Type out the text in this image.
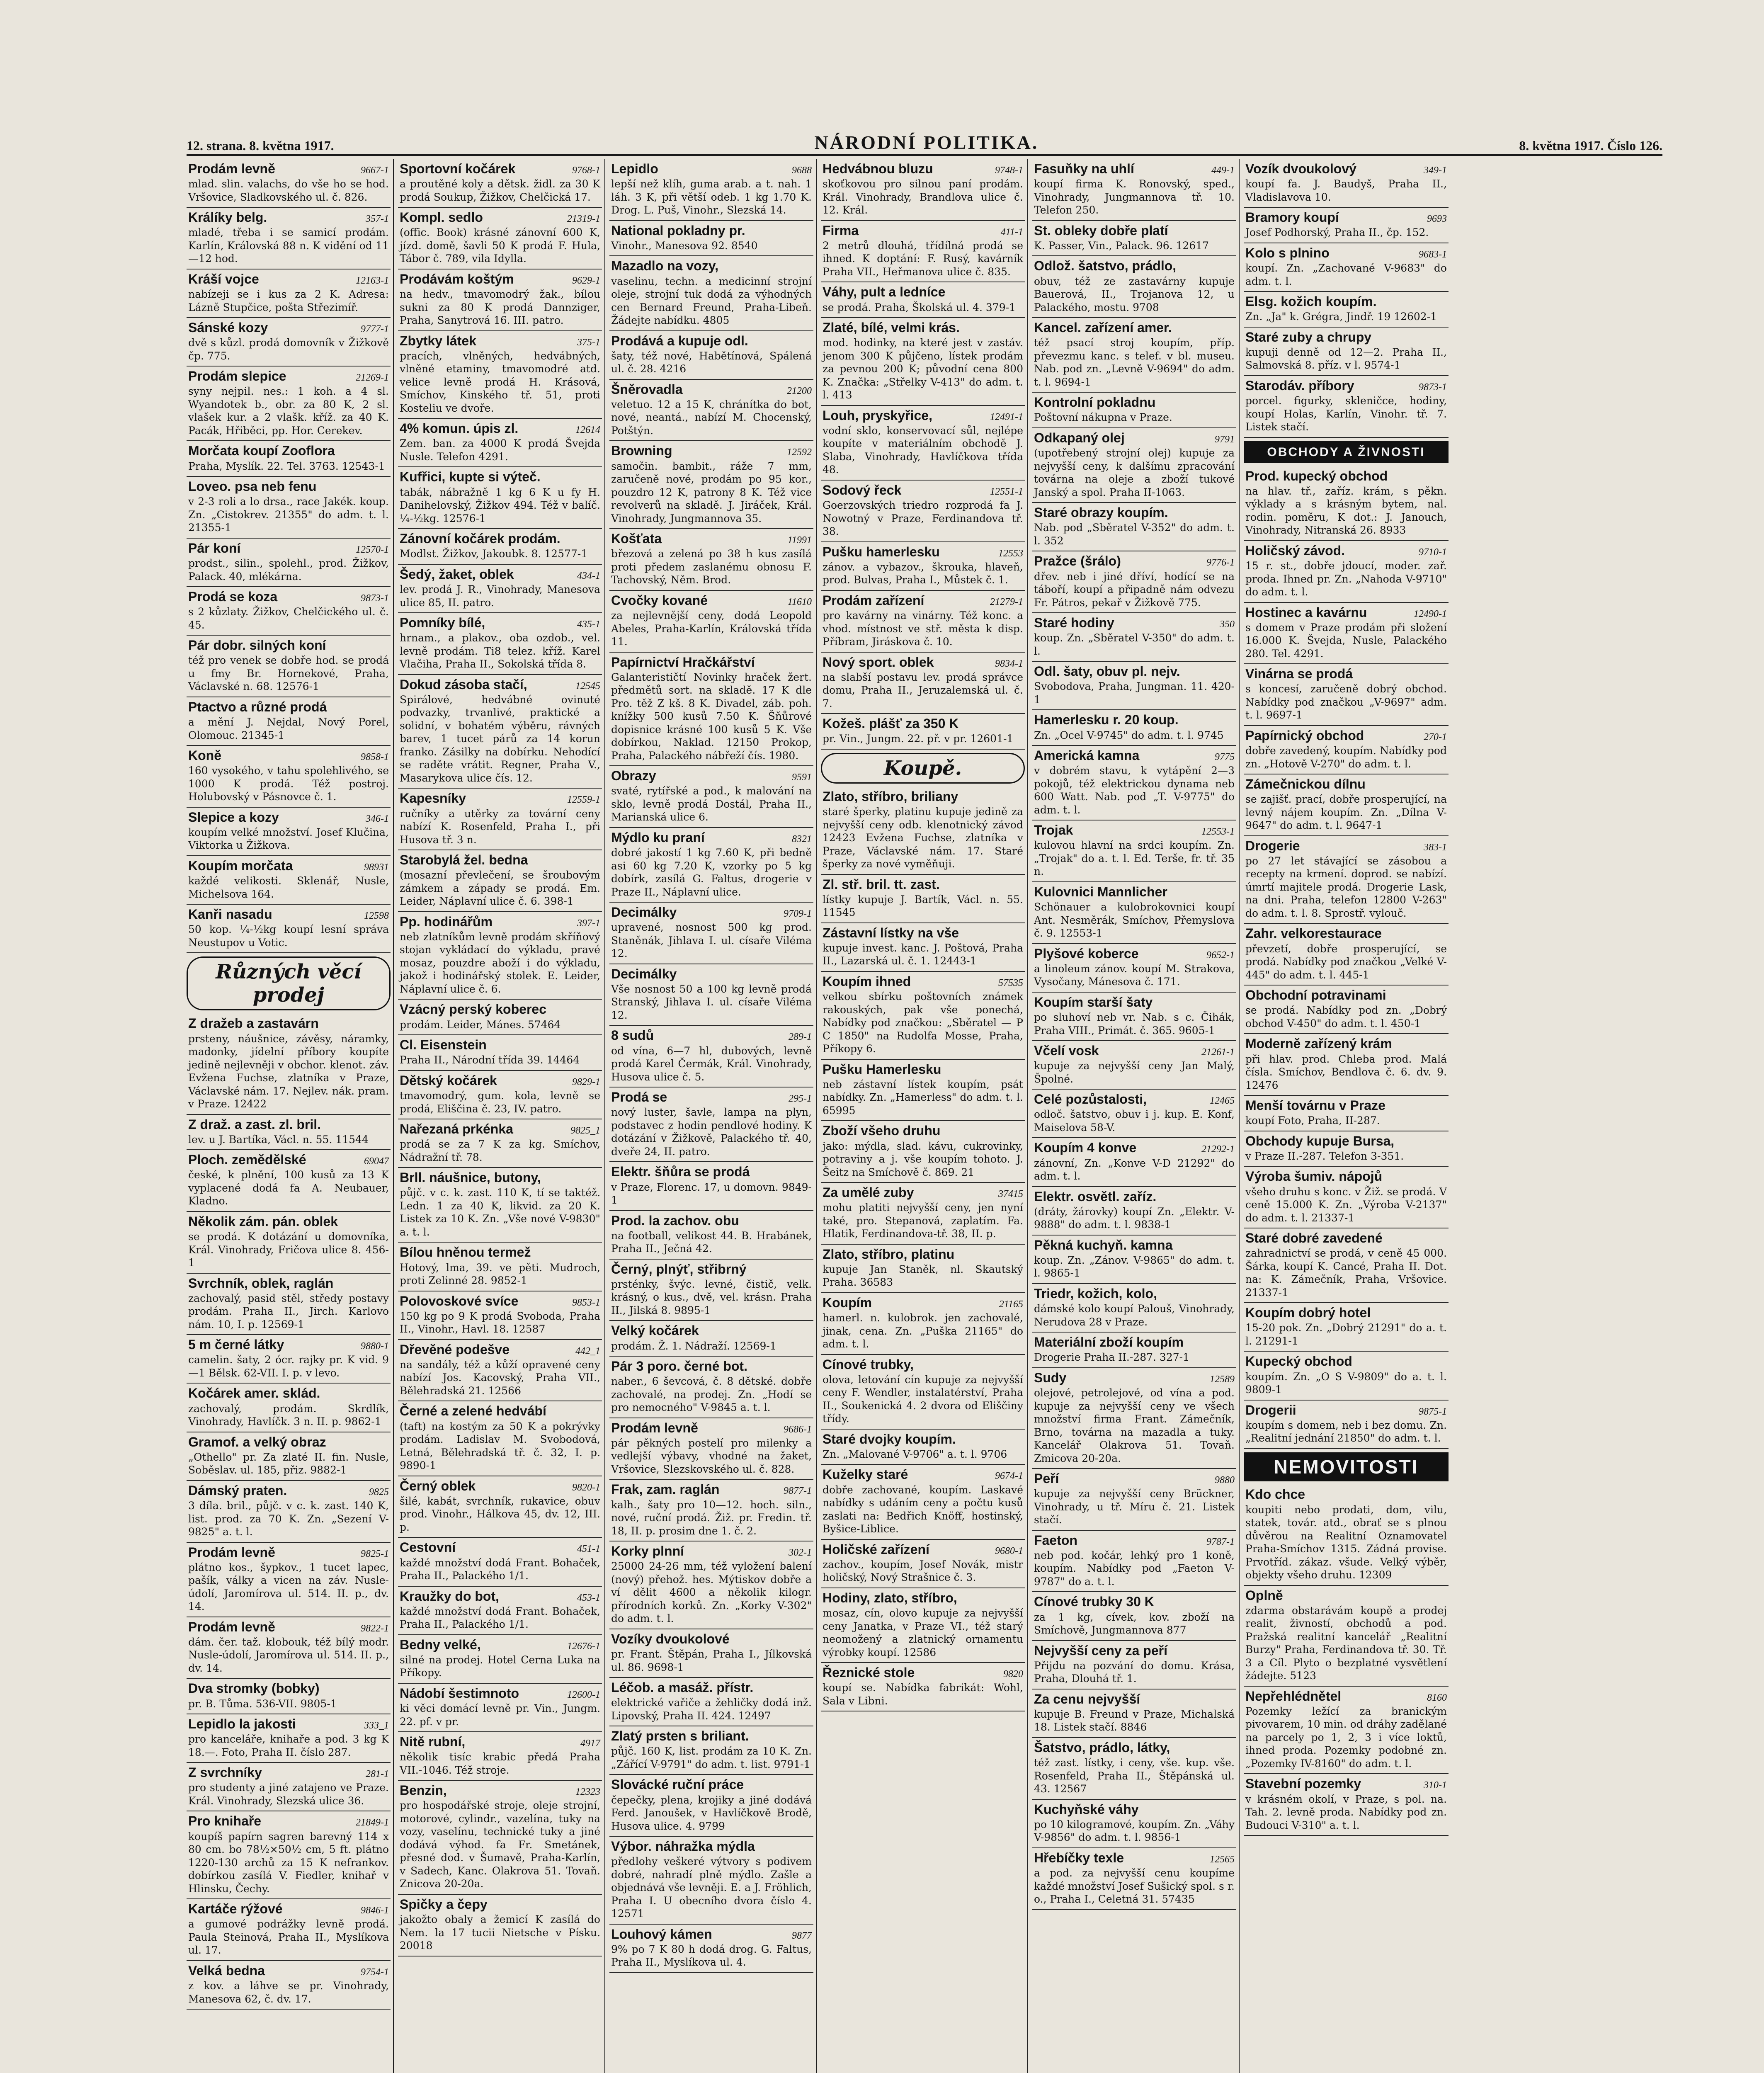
12. strana. 8. května 1917.	NÁRODNÍ POLITIKA.	8. května 1917. Číslo 126.
Prodám levně	9667-1
mlad. slin. valachs, do vše ho se hod. Vršovice, Sladkovského ul. č. 826.
Králíky belg.	357-1
mladé, třeba i se samicí prodám. Karlín, Královská 88 n. K vidění od 11—12 hod.
Kráší vojce	12163-1
nabízeji se i kus za 2 K. Adresa: Lázně Stupčice, pošta Střezimíř.
Sánské kozy	9777-1
dvě s kůzl. prodá domovník v Žižkově čp. 775.
Prodám slepice	21269-1
syny nejpil. nes.: 1 koh. a 4 sl. Wyandotek b., obr. za 80 K, 2 sl. vlašek kur. a 2 vlašk. kříž. za 40 K. Pacák, Hřiběci, pp. Hor. Cerekev.
Morčata koupí Zooflora
Praha, Myslík. 22. Tel. 3763. 12543-1
Loveo. psa neb fenu
v 2-3 roli a lo drsa., race Jakék. koup. Zn. „Cistokrev. 21355" do adm. t. l. 21355-1
Pár koní	12570-1
prodst., silin., spolehl., prod. Žižkov, Palack. 40, mlékárna.
Prodá se koza	9873-1
s 2 kůzlaty. Žižkov, Chelčického ul. č. 45.
Pár dobr. silných koní
též pro venek se dobře hod. se prodá u fmy Br. Hornekové, Praha, Václavské n. 68. 12576-1
Ptactvo a různé prodá
a mění J. Nejdal, Nový Porel, Olomouc. 21345-1
Koně	9858-1
160 vysokého, v tahu spolehlivého, se 1000 K prodá. Též postroj. Holubovský v Pásnovce č. 1.
Slepice a kozy	346-1
koupím velké množství. Josef Klučina, Viktorka u Žižkova.
Koupím morčata	98931
každé velikosti. Sklenář, Nusle, Michelsova 164.
Kanři nasadu	12598
50 kop. ¼-½kg koupí lesní správa Neustupov u Votic.
Různých věcí prodej
Z dražeb a zastavárn
prsteny, náušnice, závěsy, náramky, madonky, jídelní příbory koupíte jedině nejlevněji v obchor. klenot. záv. Evžena Fuchse, zlatníka v Praze, Václavské nám. 17. Nejlev. nák. pram. v Praze. 12422
Z draž. a zast. zl. bril.
lev. u J. Bartíka, Václ. n. 55. 11544
Ploch. zemědělské	69047
české, k plnění, 100 kusů za 13 K vyplacené dodá fa A. Neubauer, Kladno.
Několik zám. pán. oblek
se prodá. K dotázání u domovníka, Král. Vinohrady, Fričova ulice 8. 456-1
Svrchník, oblek, raglán
zachovalý, pasid stěl, středy postavy prodám. Praha II., Jirch. Karlovo nám. 10, I. p. 12569-1
5 m černé látky	9880-1
camelin. šaty, 2 ócr. rajky pr. K vid. 9—1 Bělsk. 62-VII. I. p. v levo.
Kočárek amer. sklád.
zachovalý, prodám. Skrdlík, Vinohrady, Havlíčk. 3 n. II. p. 9862-1
Gramof. a velký obraz
„Othello" pr. Za zlaté II. fin. Nusle, Soběslav. ul. 185, přiz. 9882-1
Dámský praten.	9825
3 díla. bril., půjč. v c. k. zast. 140 K, list. prod. za 70 K. Zn. „Sezení V-9825" a. t. l.
Prodám levně	9825-1
plátno kos., šypkov., 1 tucet lapec, pašík, války a vicen na záv. Nusle-údolí, Jaromírova ul. 514. II. p., dv. 14.
Prodám levně	9822-1
dám. čer. taž. klobouk, též bílý modr. Nusle-údolí, Jaromírova ul. 514. II. p., dv. 14.
Dva stromky (bobky)
pr. B. Tůma. 536-VII. 9805-1
Lepidlo la jakosti	333_1
pro kanceláře, knihaře a pod. 3 kg K 18.—. Foto, Praha II. číslo 287.
Z svrchníky	281-1
pro studenty a jiné zatajeno ve Praze. Král. Vinohrady, Slezská ulice 36.
Pro knihaře	21849-1
koupíš papírn sagren barevný 114 x 80 cm. bo 78½×50½ cm, 5 ft. plátno 1220-130 archů za 15 K nefrankov. dobírkou zasílá V. Fiedler, knihař v Hlinsku, Čechy.
Kartáče rýžové	9846-1
a gumové podrážky levně prodá. Paula Steinová, Praha II., Myslíkova ul. 17.
Velká bedna	9754-1
z kov. a láhve se pr. Vinohrady, Manesova 62, č. dv. 17.
Sportovní kočárek	9768-1
a proutěné koly a dětsk. židl. za 30 K prodá Soukup, Žižkov, Chelčická 17.
Kompl. sedlo	21319-1
(offic. Book) krásné zánovní 600 K, jízd. domě, šavli 50 K prodá F. Hula, Tábor č. 789, vila Idylla.
Prodávám koštým	9629-1
na hedv., tmavomodrý žak., bílou sukni za 80 K prodá Dannziger, Praha, Sanytrová 16. III. patro.
Zbytky látek	375-1
pracích, vlněných, hedvábných, vlněné etaminy, tmavomodré atd. velice levně prodá H. Krásová, Smíchov, Kinského tř. 51, proti Kosteliu ve dvoře.
4% komun. úpis zl.	12614
Zem. ban. za 4000 K prodá Švejda Nusle. Telefon 4291.
Kufřici, kupte si výteč.
tabák, nábražně 1 kg 6 K u fy H. Danihelovský, Žižkov 494. Též v balíč. ¼-½kg. 12576-1
Zánovní kočárek prodám.
Modlst. Žižkov, Jakoubk. 8. 12577-1
Šedý, žaket, oblek	434-1
lev. prodá J. R., Vinohrady, Manesova ulice 85, II. patro.
Pomníky bílé,	435-1
hrnam., a plakov., oba ozdob., vel. levně prodám. Ti8 telez. kříž. Karel Vlačiha, Praha II., Sokolská třída 8.
Dokud zásoba stačí,	12545
Spirálové, hedvábné ovinuté podvazky, trvanlivé, praktické a solidní, v bohatém výběru, rávných barev, 1 tucet párů za 14 korun franko. Zásilky na dobírku. Nehodící se raděte vrátit. Regner, Praha V., Masarykova ulice čís. 12.
Kapesníky	12559-1
ručníky a utěrky za tovární ceny nabízí K. Rosenfeld, Praha I., při Husova tř. 3 n.
Starobylá žel. bedna
(mosazní převlečení, se šroubovým zámkem a západy se prodá. Em. Leider, Náplavní ulice č. 6. 398-1
Pp. hodinářům	397-1
neb zlatníkům levně prodám skříňový stojan vykládací do výkladu, pravé mosaz, pouzdre aboží i do výkladu, jakož i hodinářský stolek. E. Leider, Náplavní ulice č. 6.
Vzácný perský koberec
prodám. Leider, Mánes. 57464
Cl. Eisenstein
Praha II., Národní třída 39. 14464
Dětský kočárek	9829-1
tmavomodrý, gum. kola, levně se prodá, Eliščina č. 23, IV. patro.
Nařezaná prkénka	9825_1
prodá se za 7 K za kg. Smíchov, Nádražní tř. 78.
Brll. náušnice, butony,
půjč. v c. k. zast. 110 K, tí se taktéž. Ledn. 1 za 40 K, likvid. za 20 K. Listek za 10 K. Zn. „Vše nové V-9830" a. t. l.
Bílou hněnou termež
Hotový, lma, 39. ve pěti. Mudroch, proti Zelinné 28. 9852-1
Polovoskové svíce	9853-1
150 kg po 9 K prodá Svoboda, Praha II., Vinohr., Havl. 18. 12587
Dřevěné podešve	442_1
na sandály, též a kůží opravené ceny nabízí Jos. Kacovský, Praha VII., Bělehradská 21. 12566
Černé a zelené hedvábí
(taft) na kostým za 50 K a pokrývky prodám. Ladislav M. Svobodová, Letná, Bělehradská tř. č. 32, I. p. 9890-1
Černý oblek	9820-1
šilé, kabát, svrchník, rukavice, obuv prod. Vinohr., Hálkova 45, dv. 12, III. p.
Cestovní	451-1
každé množství dodá Frant. Bohaček, Praha II., Palackého 1/1.
Kraužky do bot,	453-1
každé množství dodá Frant. Bohaček, Praha II., Palackého 1/1.
Bedny velké,	12676-1
silné na prodej. Hotel Cerna Luka na Příkopy.
Nádobí šestimnoto	12600-1
ki věci domácí levně pr. Vin., Jungm. 22. pf. v pr.
Nitě rubní,	4917
několik tisíc krabic předá Praha VII.-1046. Též stroje.
Benzin,	12323
pro hospodářské stroje, oleje strojní, motorové, cylindr., vazelína, tuky na vozy, vaselínu, technické tuky a jiné dodává výhod. fa Fr. Smetánek, přesné dod. v Šumavě, Praha-Karlín, v Sadech, Kanc. Olakrova 51. Tovaň. Znicova 20-20a.
Spičky a čepy
jakožto obaly a žemicí K zasílá do Nem. la 17 tucii Nietsche v Písku. 20018
Lepidlo	9688
lepší než klíh, guma arab. a t. nah. 1 láh. 3 K, při větší odeb. 1 kg 1.70 K. Drog. L. Puš, Vinohr., Slezská 14.
National pokladny pr.
Vinohr., Manesova 92. 8540
Mazadlo na vozy,
vaselinu, techn. a medicinní strojní oleje, strojní tuk dodá za výhodných cen Bernard Freund, Praha-Libeň. Žádejte nabídku. 4805
Prodává a kupuje odl.
šaty, též nové, Habětínová, Spálená ul. č. 28. 4216
Šněrovadla	21200
veletuo. 12 a 15 K, chránítka do bot, nové, neantá., nabízí M. Chocenský, Potštýn.
Browning	12592
samočin. bambit., ráže 7 mm, zaručeně nové, prodám po 95 kor., pouzdro 12 K, patrony 8 K. Též vice revolverů na skladě. J. Jiráček, Král. Vinohrady, Jungmannova 35.
Košťata	11991
březová a zelená po 38 h kus zasílá proti předem zaslanému obnosu F. Tachovský, Něm. Brod.
Cvočky kované	11610
za nejlevnější ceny, dodá Leopold Abeles, Praha-Karlín, Královská třída 11.
Papírnictví Hračkářství
Galanterističtí Novinky hraček žert. předmětů sort. na skladě. 17 K dle Pro. těž Z kš. 8 K. Divadel, záb. poh. knížky 500 kusů 7.50 K. Šňůrové dopisnice krásné 100 kusů 5 K. Vše dobírkou, Naklad. 12150 Prokop, Praha, Palackého nábřeží čís. 1980.
Obrazy	9591
svaté, rytířské a pod., k malování na sklo, levně prodá Dostál, Praha II., Marianská ulice 6.
Mýdlo ku praní	8321
dobré jakostí 1 kg 7.60 K, při bedně asi 60 kg 7.20 K, vzorky po 5 kg dobírk, zasílá G. Faltus, drogerie v Praze II., Náplavní ulice.
Decimálky	9709-1
upravené, nosnost 500 kg prod. Staněnák, Jihlava I. ul. císaře Viléma 12.
Decimálky
Vše nosnost 50 a 100 kg levně prodá Stranský, Jihlava I. ul. císaře Viléma 12.
8 sudů	289-1
od vína, 6—7 hl, dubových, levně prodá Karel Čermák, Král. Vinohrady, Husova ulice č. 5.
Prodá se	295-1
nový luster, šavle, lampa na plyn, podstavec z hodin pendlové hodiny. K dotázání v Žižkově, Palackého tř. 40, dveře 24, II. patro.
Elektr. šňůra se prodá
v Praze, Florenc. 17, u domovn. 9849-1
Prod. la zachov. obu
na football, velikost 44. B. Hrabánek, Praha II., Ječná 42.
Černý, plnýť, střibrný
prsténky, švýc. levné, čistič, velk. krásný, o kus., dvě, vel. krásn. Praha II., Jilská 8. 9895-1
Velký kočárek
prodám. Ž. 1. Nádraží. 12569-1
Pár 3 poro. černé bot.
naber., 6 ševcová, č. 8 dětské. dobře zachovalé, na prodej. Zn. „Hodí se pro nemocného" V-9845 a. t. l.
Prodám levně	9686-1
pár pěkných postelí pro milenky a vedlejší výbavy, vhodné na žaket, Vršovice, Slezskovského ul. č. 828.
Frak, zam. raglán	9877-1
kalh., šaty pro 10—12. hoch. siln., nové, ruční prodá. Žiž. pr. Fredin. tř. 18, II. p. prosim dne 1. č. 2.
Korky plnní	302-1
25000 24-26 mm, též vyložení balení (nový) přehož. hes. Mýtiskov dobře a ví dělit 4600 a několik kilogr. přírodních korků. Zn. „Korky V-302" do adm. t. l.
Vozíky dvoukolové
pr. Frant. Štěpán, Praha I., Jílkovská ul. 86. 9698-1
Léčob. a masáž. přístr.
elektrické vařiče a žehličky dodá inž. Lipovský, Praha II. 424. 12497
Zlatý prsten s briliant.
půjč. 160 K, list. prodám za 10 K. Zn. „Zářící V-9791" do adm. t. list. 9791-1
Slovácké ruční práce
čepečky, plena, krojiky a jiné dodává Ferd. Janoušek, v Havlíčkově Brodě, Husova ulice. 4. 9799
Výbor. náhražka mýdla
předlohy veškeré výtvory s podivem dobré, nahradí plně mýdlo. Zašle a objednává vše levněji. E. a J. Fröhlich, Praha I. U obecního dvora číslo 4. 12571
Louhový kámen	9877
9% po 7 K 80 h dodá drog. G. Faltus, Praha II., Myslíkova ul. 4.
Hedvábnou bluzu	9748-1
skoťkovou pro silnou paní prodám. Král. Vinohrady, Brandlova ulice č. 12. Král.
Firma	411-1
2 metrů dlouhá, třídílná prodá se ihned. K doptání: F. Rusý, kavárník Praha VII., Heřmanova ulice č. 835.
Váhy, pult a ledníce
se prodá. Praha, Školská ul. 4. 379-1
Zlaté, bílé, velmi krás.
mod. hodinky, na které jest v zastáv. jenom 300 K půjčeno, lístek prodám za pevnou 200 K; původní cena 800 K. Značka: „Střelky V-413" do adm. t. l. 413
Louh, pryskyřice,	12491-1
vodní sklo, konservovací sůl, nejlépe koupíte v materiálním obchodě J. Slaba, Vinohrady, Havlíčkova třída 48.
Sodový řeck	12551-1
Goerzovských triedro rozprodá fa J. Nowotný v Praze, Ferdinandova tř. 38.
Pušku hamerlesku	12553
zánov. a vybazov., škrouka, hlaveň, prod. Bulvas, Praha I., Můstek č. 1.
Prodám zařízení	21279-1
pro kavárny na vinárny. Též konc. a vhod. místnost ve stř. města k disp. Příbram, Jiráskova č. 10.
Nový sport. oblek	9834-1
na slabší postavu lev. prodá správce domu, Praha II., Jeruzalemská ul. č. 7.
Kožeš. plášť za 350 K
pr. Vin., Jungm. 22. př. v pr. 12601-1
Koupě.
Zlato, stříbro, briliany
staré šperky, platinu kupuje jedině za nejvyšší ceny odb. klenotnický závod 12423 Evžena Fuchse, zlatníka v Praze, Václavské nám. 17. Staré šperky za nové vyměňuji.
Zl. stř. bril. tt. zast.
lístky kupuje J. Bartík, Václ. n. 55. 11545
Zástavní lístky na vše
kupuje invest. kanc. J. Poštová, Praha II., Lazarská ul. č. 1. 12443-1
Koupím ihned	57535
velkou sbírku poštovních známek rakouských, pak vše ponechá, Nabídky pod značkou: „Sběratel — P C 1850" na Rudolfa Mosse, Praha, Příkopy 6.
Pušku Hamerlesku
neb zástavní lístek koupím, psát nabídky. Zn. „Hamerless" do adm. t. l. 65995
Zboží všeho druhu
jako: mýdla, slad. kávu, cukrovinky, potraviny a j. vše koupím tohoto. J. Šeitz na Smíchově č. 869. 21
Za umělé zuby	37415
mohu platiti nejvyšší ceny, jen nyní také, pro. Stepanová, zaplatím. Fa. Hlatik, Ferdinandova-tř. 38, II. p.
Zlato, stříbro, platinu
kupuje Jan Staněk, nl. Skautský Praha. 36583
Koupím	21165
hamerl. n. kulobrok. jen zachovalé, jinak, cena. Zn. „Puška 21165" do adm. t. l.
Cínové trubky,
olova, letování cín kupuje za nejvyšší ceny F. Wendler, instalatérství, Praha II., Soukenická 4. 2 dvora od Eliščiny třídy.
Staré dvojky koupím.
Zn. „Malované V-9706" a. t. l. 9706
Kuželky staré	9674-1
dobře zachované, koupím. Laskavé nabídky s udáním ceny a počtu kusů zaslati na: Bedřich Knöff, hostinský, Byšice-Liblice.
Holičské zařízení	9680-1
zachov., koupím, Josef Novák, mistr holičský, Nový Strašnice č. 3.
Hodiny, zlato, stříbro,
mosaz, cín, olovo kupuje za nejvyšší ceny Janatka, v Praze VI., též starý neomožený a zlatnický ornamentu výrobky koupí. 12586
Řeznické stole	9820
koupí se. Nabídka fabrikát: Wohl, Sala v Libni.
Fasuňky na uhlí	449-1
koupí firma K. Ronovský, sped., Vinohrady, Jungmannova tř. 10. Telefon 250.
St. obleky dobře platí
K. Passer, Vin., Palack. 96. 12617
Odlož. šatstvo, prádlo,
obuv, též ze zastavárny kupuje Bauerová, II., Trojanova 12, u Palackého, mostu. 9708
Kancel. zařízení amer.
též psací stroj koupím, příp. převezmu kanc. s telef. v bl. museu. Nab. pod zn. „Levně V-9694" do adm. t. l. 9694-1
Kontrolní pokladnu
Poštovní nákupna v Praze.
Odkapaný olej	9791
(upotřebený strojní olej) kupuje za nejvyšší ceny, k dalšímu zpracování továrna na oleje a zboží tukové Janský a spol. Praha II-1063.
Staré obrazy koupím.
Nab. pod „Sběratel V-352" do adm. t. l. 352
Pražce (šrálo)	9776-1
dřev. neb i jiné dříví, hodící se na táboří, koupí a připadně nám odvezu Fr. Pátros, pekař v Žižkově 775.
Staré hodiny	350
koup. Zn. „Sběratel V-350" do adm. t. l.
Odl. šaty, obuv pl. nejv.
Svobodova, Praha, Jungman. 11. 420-1
Hamerlesku r. 20 koup.
Zn. „Ocel V-9745" do adm. t. l. 9745
Americká kamna	9775
v dobrém stavu, k vytápění 2—3 pokojů, též elektrickou dynama neb 600 Watt. Nab. pod „T. V-9775" do adm. t. l.
Trojak	12553-1
kulovou hlavní na srdci koupím. Zn. „Trojak" do a. t. l. Ed. Terše, fr. tř. 35 n.
Kulovnici Mannlicher
Schönauer a kulobrokovnici koupí Ant. Nesměrák, Smíchov, Přemyslova č. 9. 12553-1
Plyšové koberce	9652-1
a linoleum zánov. koupí M. Strakova, Vysočany, Mánesova č. 171.
Koupím starší šaty
po sluhoví neb vr. Nab. s c. Čihák, Praha VIII., Primát. č. 365. 9605-1
Včelí vosk	21261-1
kupuje za nejvyšší ceny Jan Malý, Špolné.
Celé pozůstalosti,	12465
odloč. šatstvo, obuv i j. kup. E. Konf, Maiselova 58-V.
Koupím 4 konve	21292-1
zánovní, Zn. „Konve V-D 21292" do adm. t. l.
Elektr. osvětl. zaříz.
(dráty, žárovky) koupí Zn. „Elektr. V-9888" do adm. t. l. 9838-1
Pěkná kuchyň. kamna
koup. Zn. „Zánov. V-9865" do adm. t. l. 9865-1
Triedr, kožich, kolo,
dámské kolo koupí Palouš, Vinohrady, Nerudova 28 v Praze.
Materiální zboží koupím
Drogerie Praha II.-287. 327-1
Sudy	12589
olejové, petrolejové, od vína a pod. kupuje za nejvyšší ceny ve všech množství firma Frant. Zámečník, Brno, továrna na mazadla a tuky. Kancelář Olakrova 51. Tovaň. Zmicova 20-20a.
Peří	9880
kupuje za nejvyšší ceny Brückner, Vinohrady, u tř. Míru č. 21. Listek stačí.
Faeton	9787-1
neb pod. kočár, lehký pro 1 koně, koupím. Nabídky pod „Faeton V-9787" do a. t. l.
Cínové trubky 30 K
za 1 kg, cívek, kov. zboží na Smíchově, Jungmannova 877
Nejvyšší ceny za peří
Přijdu na pozvání do domu. Krása, Praha, Dlouhá tř. 1.
Za cenu nejvyšší
kupuje B. Freund v Praze, Michalská 18. Listek stačí. 8846
Šatstvo, prádlo, látky,
též zast. lístky, i ceny, vše. kup. vše. Rosenfeld, Praha II., Štěpánská ul. 43. 12567
Kuchyňské váhy
po 10 kilogramové, koupím. Zn. „Váhy V-9856" do adm. t. l. 9856-1
Hřebíčky texle	12565
a pod. za nejvyšší cenu koupíme každé množství Josef Sušický spol. s r. o., Praha I., Celetná 31. 57435
Vozík dvoukolový	349-1
koupí fa. J. Baudyš, Praha II., Vladislavova 10.
Bramory koupí	9693
Josef Podhorský, Praha II., čp. 152.
Kolo s plnino	9683-1
koupí. Zn. „Zachované V-9683" do adm. t. l.
Elsg. kožich koupím.
Zn. „Ja" k. Grégra, Jindř. 19 12602-1
Staré zuby a chrupy
kupuji denně od 12—2. Praha II., Salmovská 8. příz. v l. 9574-1
Starodáv. příbory	9873-1
porcel. figurky, skleničce, hodiny, koupí Holas, Karlín, Vinohr. tř. 7. Listek stačí.
OBCHODY A ŽIVNOSTI
Prod. kupecký obchod
na hlav. tř., zaříz. krám, s pěkn. výklady a s krásným bytem, nal. rodin. poměru, K dot.: J. Janouch, Vinohrady, Nitranská 26. 8933
Holičský závod.	9710-1
15 r. st., dobře jdoucí, moder. zař. proda. Ihned pr. Zn. „Nahoda V-9710" do adm. t. l.
Hostinec a kavárnu	12490-1
s domem v Praze prodám při složení 16.000 K. Švejda, Nusle, Palackého 280. Tel. 4291.
Vinárna se prodá
s koncesí, zaručeně dobrý obchod. Nabídky pod značkou „V-9697" adm. t. l. 9697-1
Papírnický obchod	270-1
dobře zavedený, koupím. Nabídky pod zn. „Hotově V-270" do adm. t. l.
Zámečnickou dílnu
se zajišť. prací, dobře prosperující, na levný nájem koupím. Zn. „Dílna V-9647" do adm. t. l. 9647-1
Drogerie	383-1
po 27 let stávající se zásobou a recepty na krmení. doprod. se nabízí. úmrtí majitele prodá. Drogerie Lask, na dni. Praha, telefon 12800 V-263" do adm. t. l. 8. Sprostř. vylouč.
Zahr. velkorestaurace
převzetí, dobře prosperující, se prodá. Nabídky pod značkou „Velké V-445" do adm. t. l. 445-1
Obchodní potravinami
se prodá. Nabídky pod zn. „Dobrý obchod V-450" do adm. t. l. 450-1
Moderně zařízený krám
při hlav. prod. Chleba prod. Malá čísla. Smíchov, Bendlova č. 6. dv. 9. 12476
Menší továrnu v Praze
koupí Foto, Praha, II-287.
Obchody kupuje Bursa,
v Praze II.-287. Telefon 3-351.
Výroba šumiv. nápojů
všeho druhu s konc. v Žiž. se prodá. V ceně 15.000 K. Zn. „Výroba V-2137" do adm. t. l. 21337-1
Staré dobré zavedené
zahradnictví se prodá, v ceně 45 000. Šárka, koupí K. Cancé, Praha II. Dot. na: K. Zámečník, Praha, Vršovice. 21337-1
Koupím dobrý hotel
15-20 pok. Zn. „Dobrý 21291" do a. t. l. 21291-1
Kupecký obchod
koupím. Zn. „O S V-9809" do a. t. l. 9809-1
Drogerii	9875-1
koupím s domem, neb i bez domu. Zn. „Realitní jednání 21850" do adm. t. l.
NEMOVITOSTI
Kdo chce
koupiti nebo prodati, dom, vilu, statek, továr. atd., obrať se s plnou důvěrou na Realitní Oznamovatel Praha-Smíchov 1315. Zádná provise. Prvotříd. zákaz. všude. Velký výběr, objekty všeho druhu. 12309
Oplně
zdarma obstarávám koupě a prodej realit, živností, obchodů a pod. Pražská realitní kancelář „Realitní Burzy" Praha, Ferdinandova tř. 30. Tř. 3 a Cíl. Plyto o bezplatné vysvětlení žádejte. 5123
Nepřehlédnětel	8160
Pozemky ležící za branickým pivovarem, 10 min. od dráhy zadělané na parcely po 1, 2, 3 i více loktů, ihned proda. Pozemky podobné zn. „Pozemky IV-8160" do adm. t. l.
Stavební pozemky	310-1
v krásném okolí, v Praze, s pol. na. Tah. 2. levně proda. Nabídky pod zn. Budouci V-310" a. t. l.
